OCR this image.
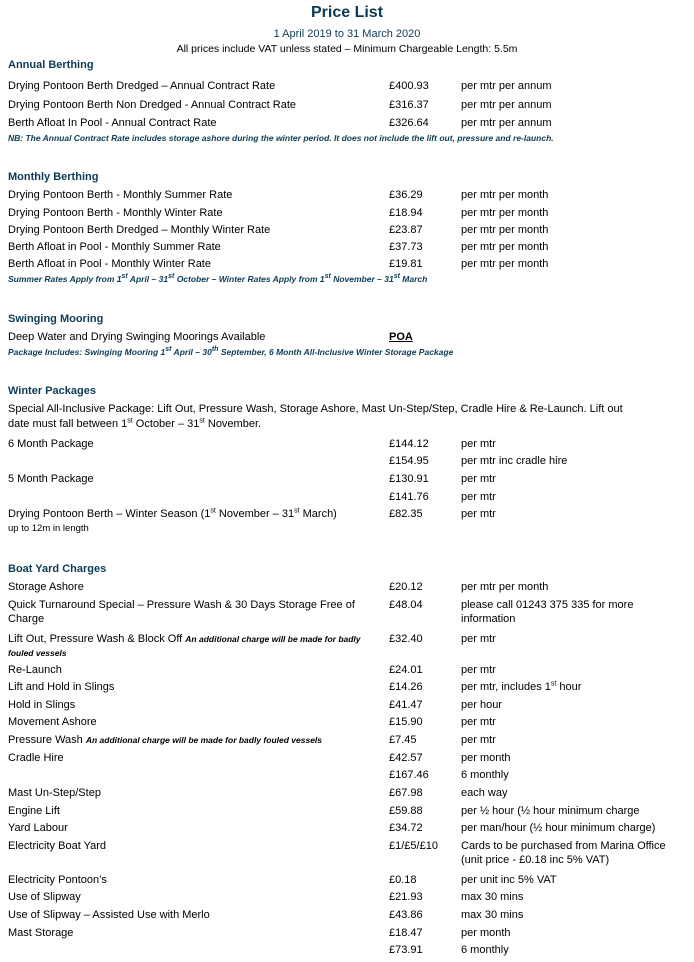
Price List
1 April 2019 to 31 March 2020
All prices include VAT unless stated – Minimum Chargeable Length: 5.5m
Annual Berthing
Drying Pontoon Berth Dredged – Annual Contract Rate	£400.93	per mtr per annum
Drying Pontoon Berth Non Dredged - Annual Contract Rate	£316.37	per mtr per annum
Berth Afloat In Pool - Annual Contract Rate	£326.64	per mtr per annum
NB: The Annual Contract Rate includes storage ashore during the winter period. It does not include the lift out, pressure and re-launch.
Monthly Berthing
Drying Pontoon Berth - Monthly Summer Rate	£36.29	per mtr per month
Drying Pontoon Berth - Monthly Winter Rate	£18.94	per mtr per month
Drying Pontoon Berth Dredged – Monthly Winter Rate	£23.87	per mtr per month
Berth Afloat in Pool - Monthly Summer Rate	£37.73	per mtr per month
Berth Afloat in Pool - Monthly Winter Rate	£19.81	per mtr per month
Summer Rates Apply from 1st April – 31st October – Winter Rates Apply from 1st November – 31st March
Swinging Mooring
Deep Water and Drying Swinging Moorings Available	POA
Package Includes: Swinging Mooring 1st April – 30th September, 6 Month All-Inclusive Winter Storage Package
Winter Packages
Special All-Inclusive Package: Lift Out, Pressure Wash, Storage Ashore, Mast Un-Step/Step, Cradle Hire & Re-Launch. Lift out
date must fall between 1st October – 31st November.
6 Month Package	£144.12	per mtr
£154.95	per mtr inc cradle hire
5 Month Package	£130.91	per mtr
£141.76	per mtr
Drying Pontoon Berth – Winter Season (1st November – 31st March)
up to 12m in length
£82.35	per mtr
Boat Yard Charges
Storage Ashore	£20.12	per mtr per month
Quick Turnaround Special – Pressure Wash & 30 Days Storage Free of Charge
£48.04	please call 01243 375 335 for more information
Lift Out, Pressure Wash & Block Off An additional charge will be made for badly fouled vessels
£32.40	per mtr
Re-Launch	£24.01	per mtr
Lift and Hold in Slings	£14.26	per mtr, includes 1st hour
Hold in Slings	£41.47	per hour
Movement Ashore	£15.90	per mtr
Pressure Wash An additional charge will be made for badly fouled vessels	£7.45	per mtr
Cradle Hire	£42.57	per month
£167.46	6 monthly
Mast Un-Step/Step	£67.98	each way
Engine Lift	£59.88	per ½ hour (½ hour minimum charge
Yard Labour	£34.72	per man/hour (½ hour minimum charge)
Electricity Boat Yard	£1/£5/£10 Cards to be purchased from Marina Office (unit price - £0.18 inc 5% VAT)
Electricity Pontoon’s	£0.18	per unit inc 5% VAT
Use of Slipway	£21.93	max 30 mins
Use of Slipway – Assisted Use with Merlo	£43.86	max 30 mins
Mast Storage	£18.47	per month
£73.91	6 monthly
